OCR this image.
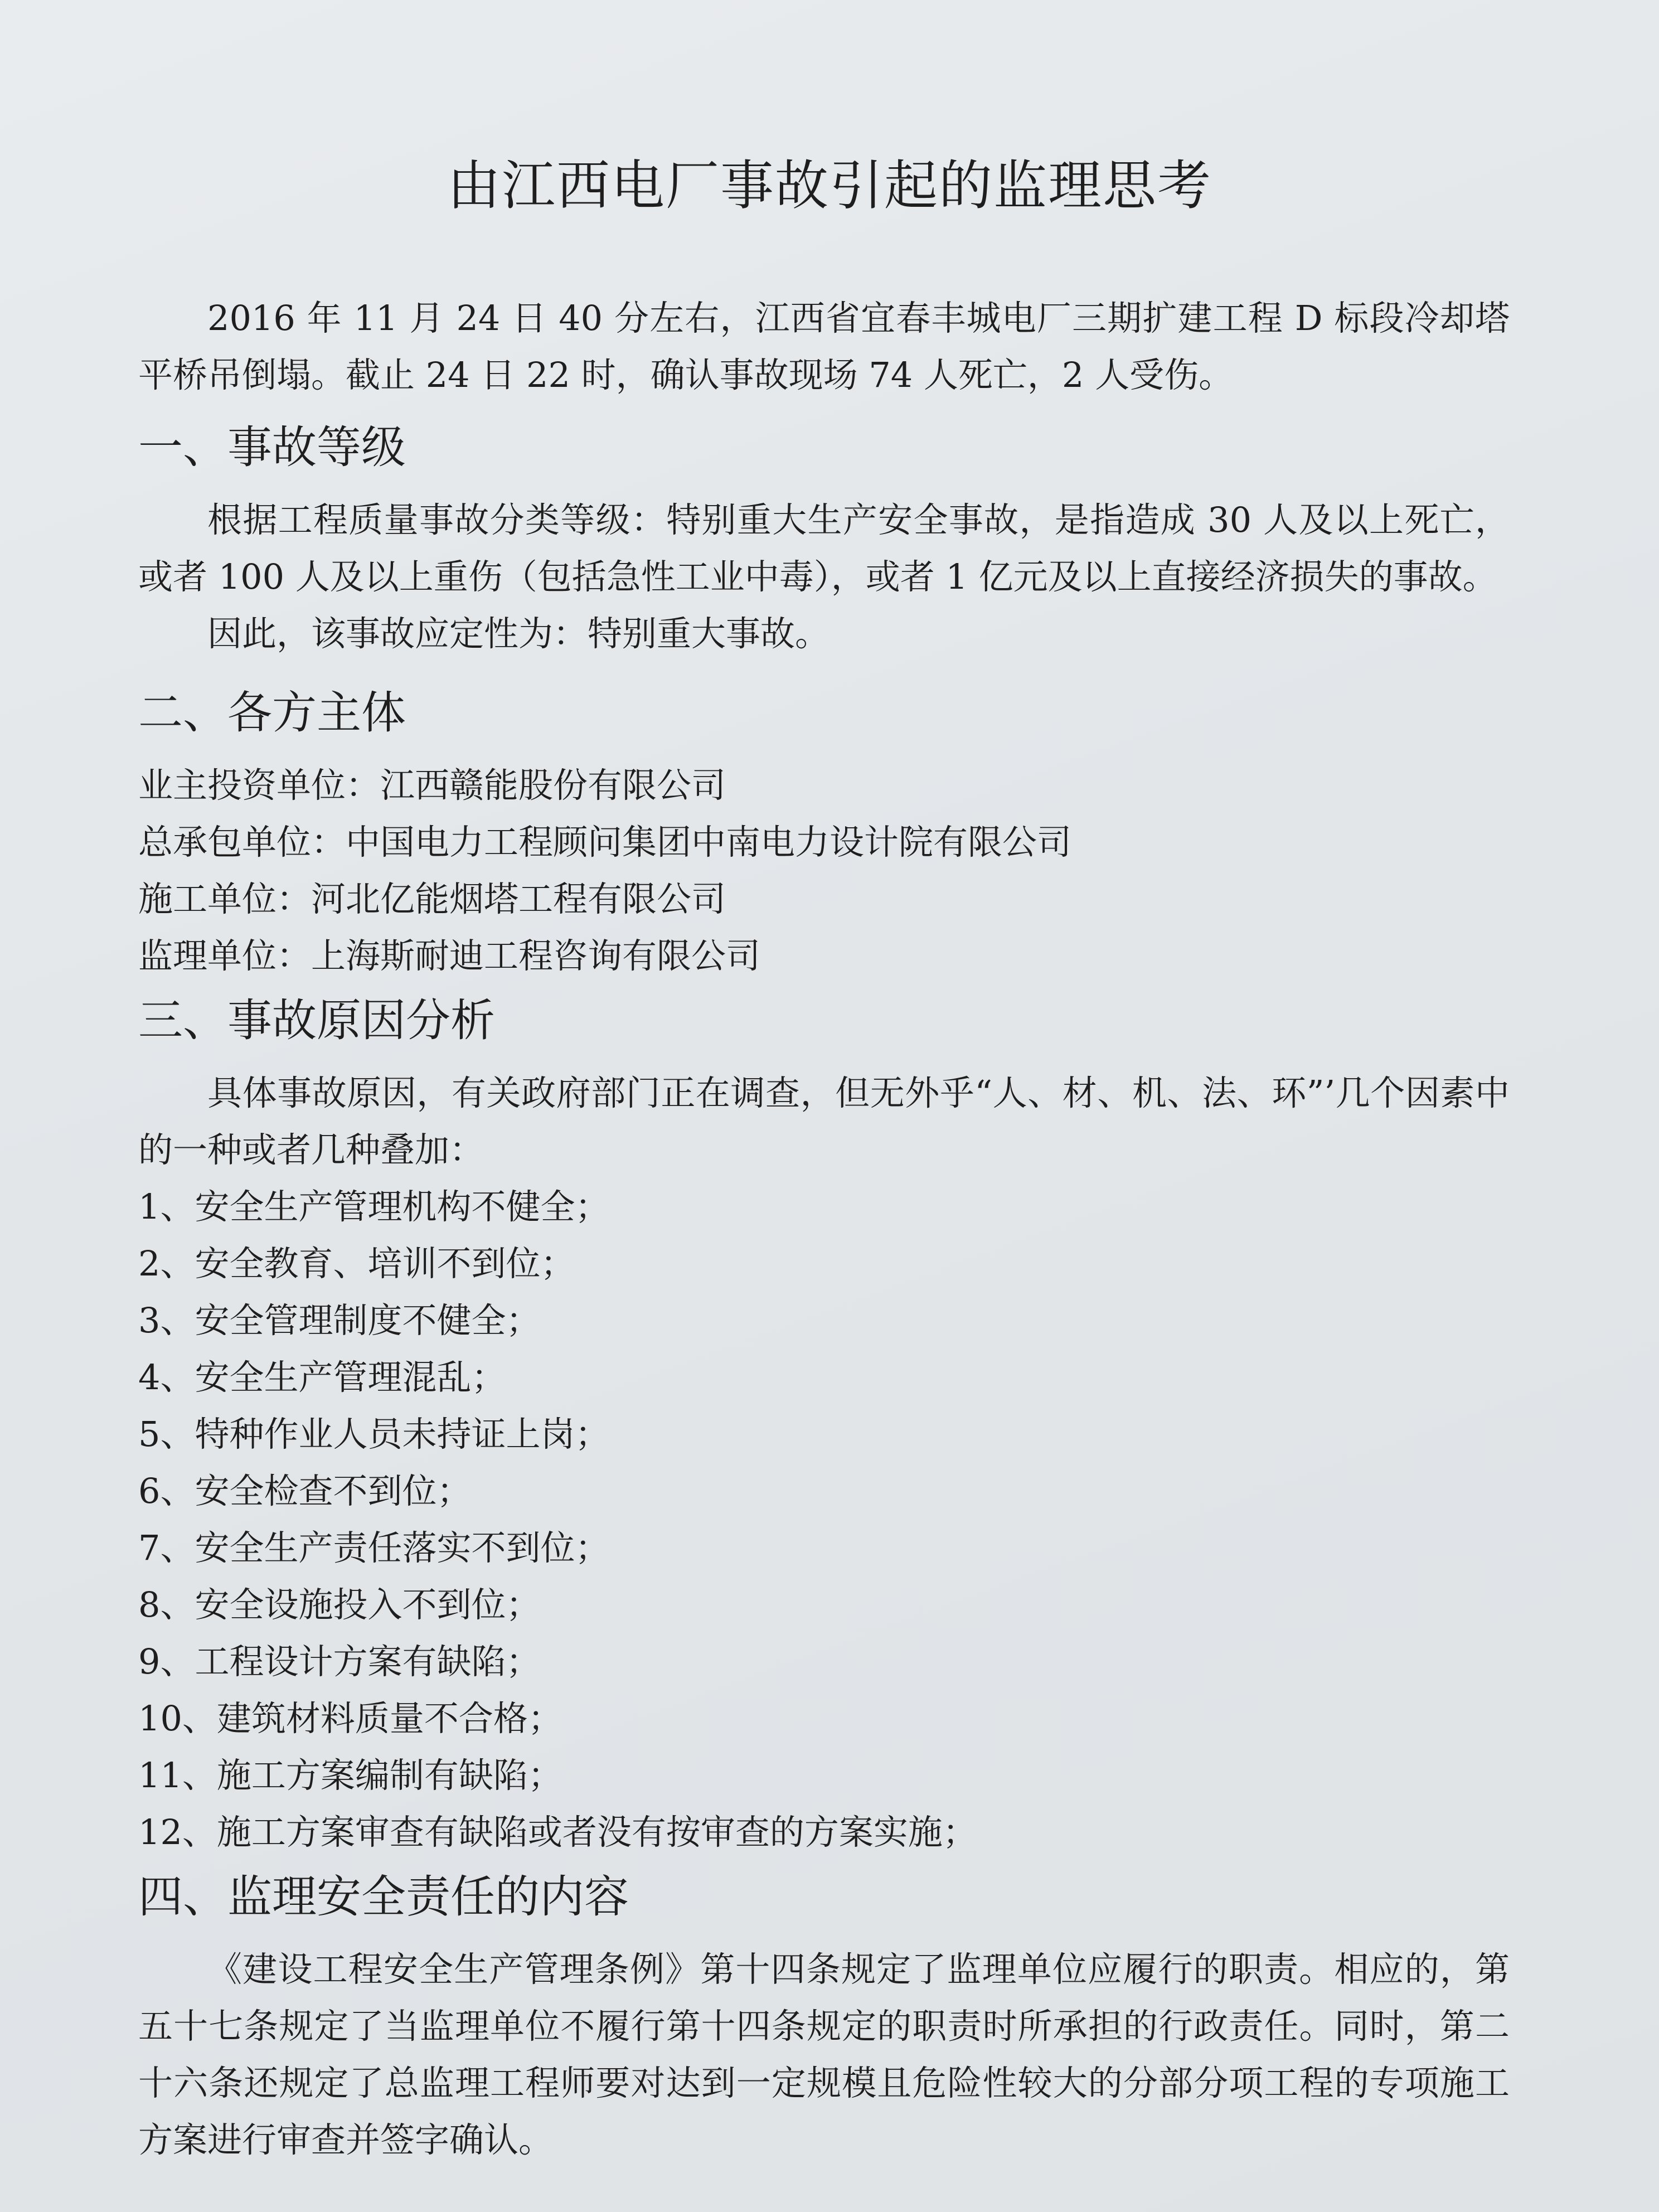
由江西电厂事故引起的监理思考

2016 年 11 月 24 日 40 分左右，江西省宜春丰城电厂三期扩建工程 D 标段冷却塔平桥吊倒塌。截止 24 日 22 时，确认事故现场 74 人死亡，2 人受伤。

一、事故等级

根据工程质量事故分类等级：特别重大生产安全事故，是指造成 30 人及以上死亡，或者 100 人及以上重伤（包括急性工业中毒），或者 1 亿元及以上直接经济损失的事故。

因此，该事故应定性为：特别重大事故。

二、各方主体

业主投资单位：江西赣能股份有限公司

总承包单位：中国电力工程顾问集团中南电力设计院有限公司

施工单位：河北亿能烟塔工程有限公司

监理单位：上海斯耐迪工程咨询有限公司

三、事故原因分析

具体事故原因，有关政府部门正在调查，但无外乎“人、材、机、法、环”’几个因素中的一种或者几种叠加：

1、安全生产管理机构不健全；

2、安全教育、培训不到位；

3、安全管理制度不健全；

4、安全生产管理混乱；

5、特种作业人员未持证上岗；

6、安全检查不到位；

7、安全生产责任落实不到位；

8、安全设施投入不到位；

9、工程设计方案有缺陷；

10、建筑材料质量不合格；

11、施工方案编制有缺陷；

12、施工方案审查有缺陷或者没有按审查的方案实施；

四、监理安全责任的内容

《建设工程安全生产管理条例》第十四条规定了监理单位应履行的职责。相应的，第五十七条规定了当监理单位不履行第十四条规定的职责时所承担的行政责任。同时，第二十六条还规定了总监理工程师要对达到一定规模且危险性较大的分部分项工程的专项施工方案进行审查并签字确认。
